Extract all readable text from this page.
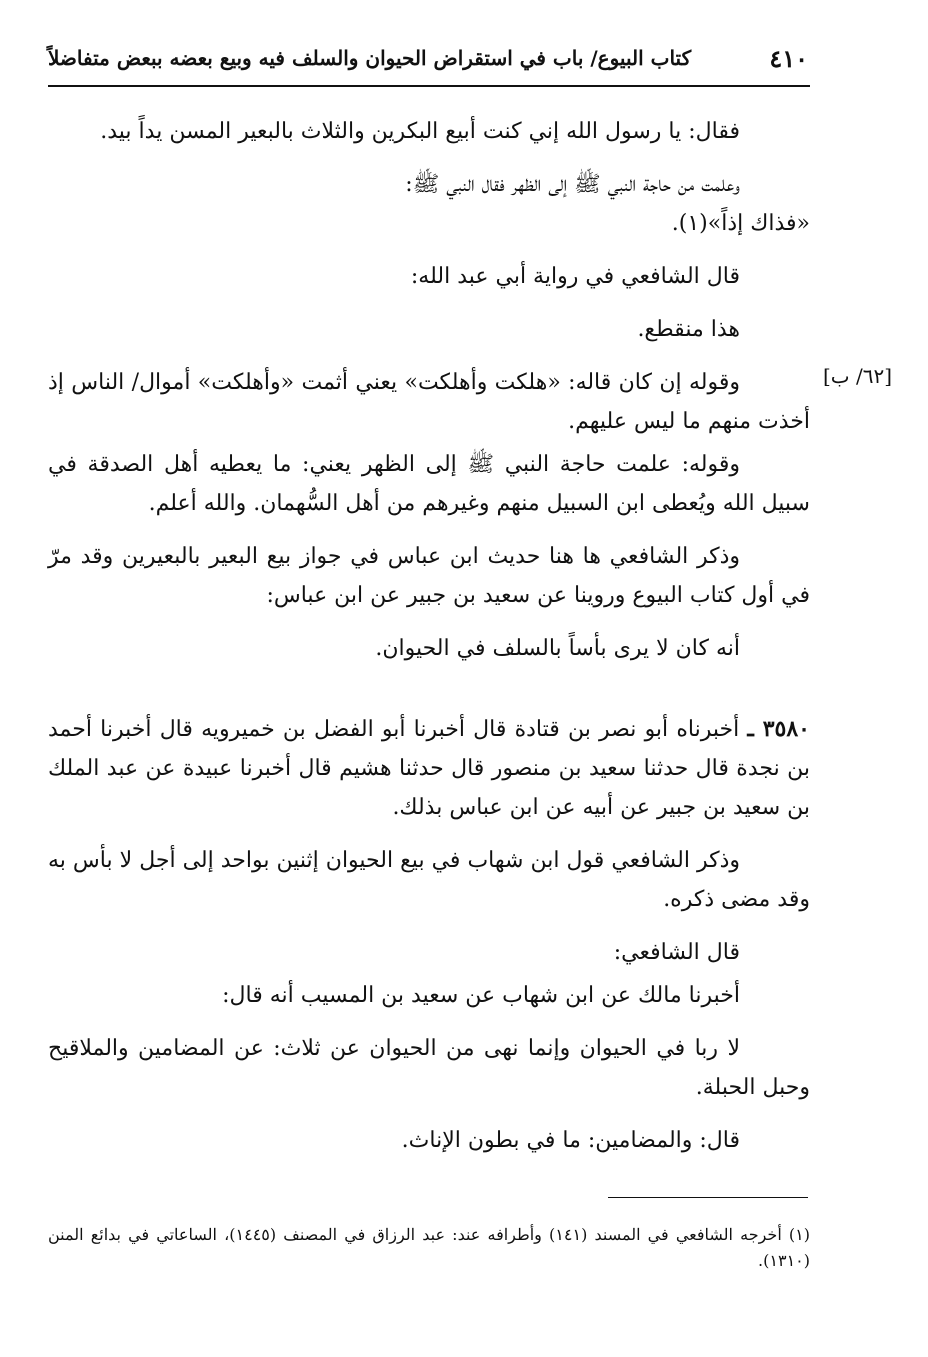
٤١٠
كتاب البيوع/ باب في استقراض الحيوان والسلف فيه وبيع بعضه ببعض متفاضلاً
[٦٢/ ب]

فقال: يا رسول الله إني كنت أبيع البكرين والثلاث بالبعير المسن يداً بيد.

وعلمت من حاجة النبي ﷺ إلى الظهر فقال النبي ﷺ:

«فذاك إذاً»(١).

قال الشافعي في رواية أبي عبد الله:

هذا منقطع.

وقوله إن كان قاله: «هلكت وأهلكت» يعني أثمت «وأهلكت» أموال/ الناس إذ أخذت منهم ما ليس عليهم.

وقوله: علمت حاجة النبي ﷺ إلى الظهر يعني: ما يعطيه أهل الصدقة في سبيل الله ويُعطى ابن السبيل منهم وغيرهم من أهل السُّهمان. والله أعلم.

وذكر الشافعي ها هنا حديث ابن عباس في جواز بيع البعير بالبعيرين وقد مرّ في أول كتاب البيوع وروينا عن سعيد بن جبير عن ابن عباس:

أنه كان لا يرى بأساً بالسلف في الحيوان.

٣٥٨٠ ـ أخبرناه أبو نصر بن قتادة قال أخبرنا أبو الفضل بن خميرويه قال أخبرنا أحمد بن نجدة قال حدثنا سعيد بن منصور قال حدثنا هشيم قال أخبرنا عبيدة عن عبد الملك بن سعيد بن جبير عن أبيه عن ابن عباس بذلك.

وذكر الشافعي قول ابن شهاب في بيع الحيوان إثنين بواحد إلى أجل لا بأس به وقد مضى ذكره.

قال الشافعي:

أخبرنا مالك عن ابن شهاب عن سعيد بن المسيب أنه قال:

لا ربا في الحيوان وإنما نهى من الحيوان عن ثلاث: عن المضامين والملاقيح وحبل الحبلة.

قال: والمضامين: ما في بطون الإناث.

(١) أخرجه الشافعي في المسند (١٤١) وأطرافه عند: عبد الرزاق في المصنف (١٤٤٥)، الساعاتي في بدائع المنن (١٣١٠).
